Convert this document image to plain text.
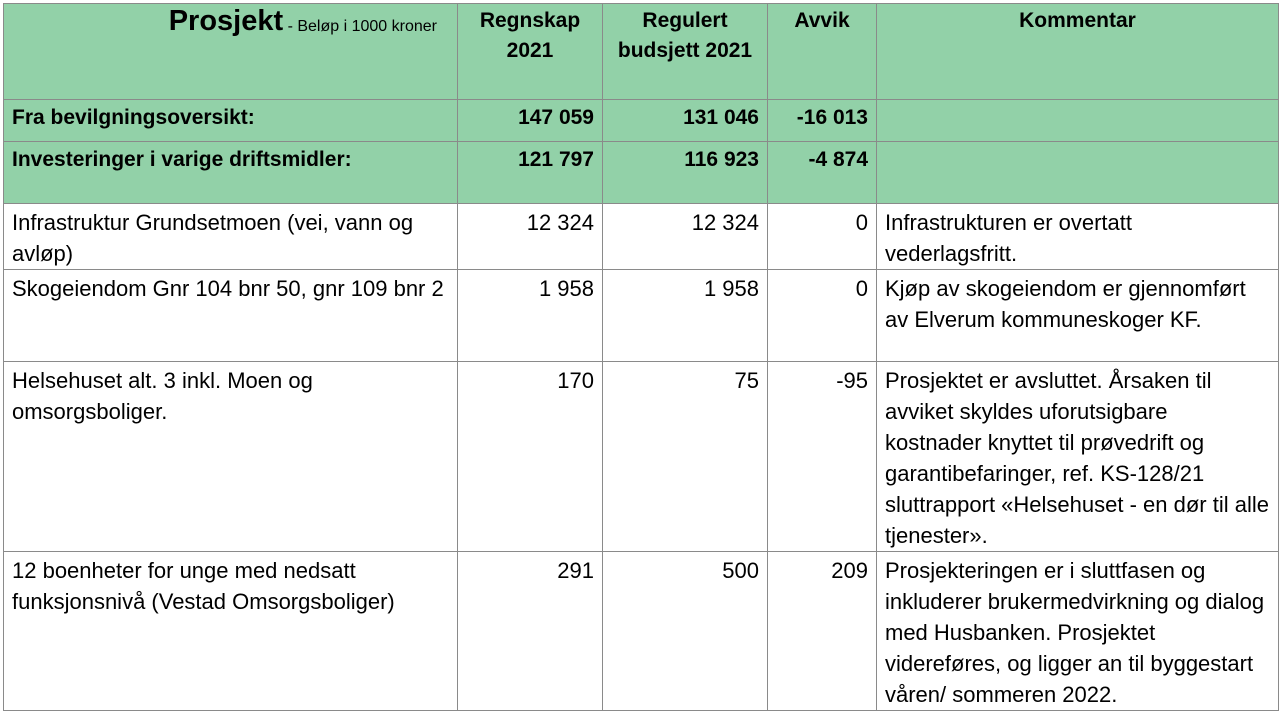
Prosjekt $^{- Beløp i 1000 kroner}$	Regnskap 2021	Regulert budsjett 2021	Avvik	Kommentar
Fra bevilgningsoversikt:	147 059	131 046	-16 013	
Investeringer i varige driftsmidler:	121 797	116 923	-4 874	
Infrastruktur Grundsetmoen (vei, vann og avløp)	12 324	12 324	0	Infrastrukturen er overtatt vederlagsfritt.
Skogeiendom Gnr 104 bnr 50, gnr 109 bnr 2	1 958	1 958	0	Kjøp av skogeiendom er gjennomført av Elverum kommuneskoger KF.
Helsehuset alt. 3 inkl. Moen og omsorgsboliger.	170	75	-95	Prosjektet er avsluttet. Årsaken til avviket skyldes uforutsigbare kostnader knyttet til prøvedrift og garantibefaringer, ref. KS-128/21 sluttrapport «Helsehuset - en dør til alle tjenester».
12 boenheter for unge med nedsatt funksjonsnivå (Vestad Omsorgsboliger)	291	500	209	Prosjekteringen er i sluttfasen og inkluderer brukermedvirkning og dialog med Husbanken. Prosjektet videreføres, og ligger an til byggestart våren/ sommeren 2022.
